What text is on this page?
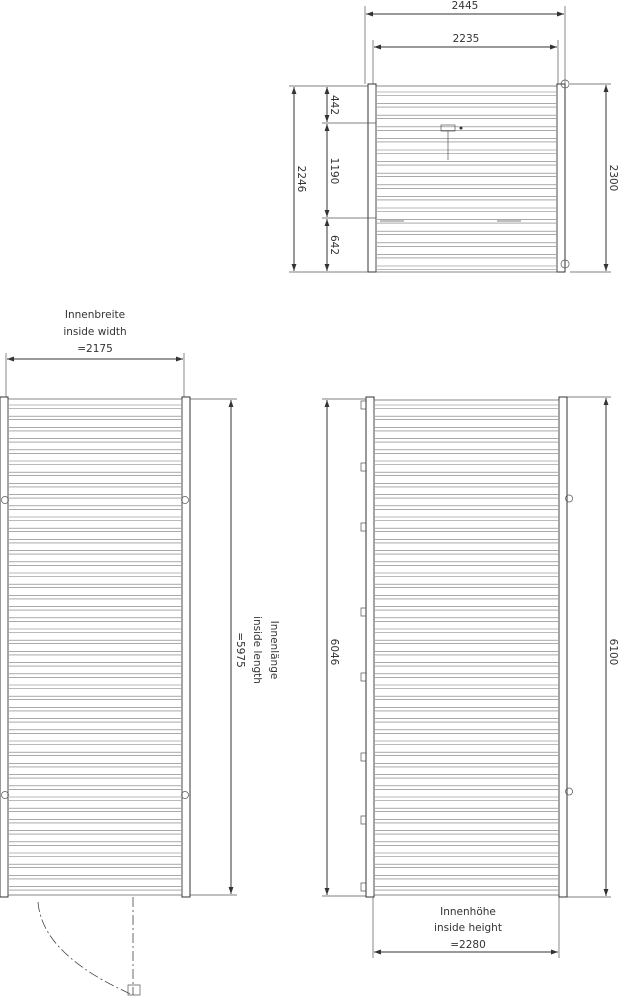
2445
2235
2246
442
1190
642
2300
Innenbreite
inside width
=2175
Innenlänge
inside length
=5975	6046	6100
Innenhöhe
inside height
=2280
